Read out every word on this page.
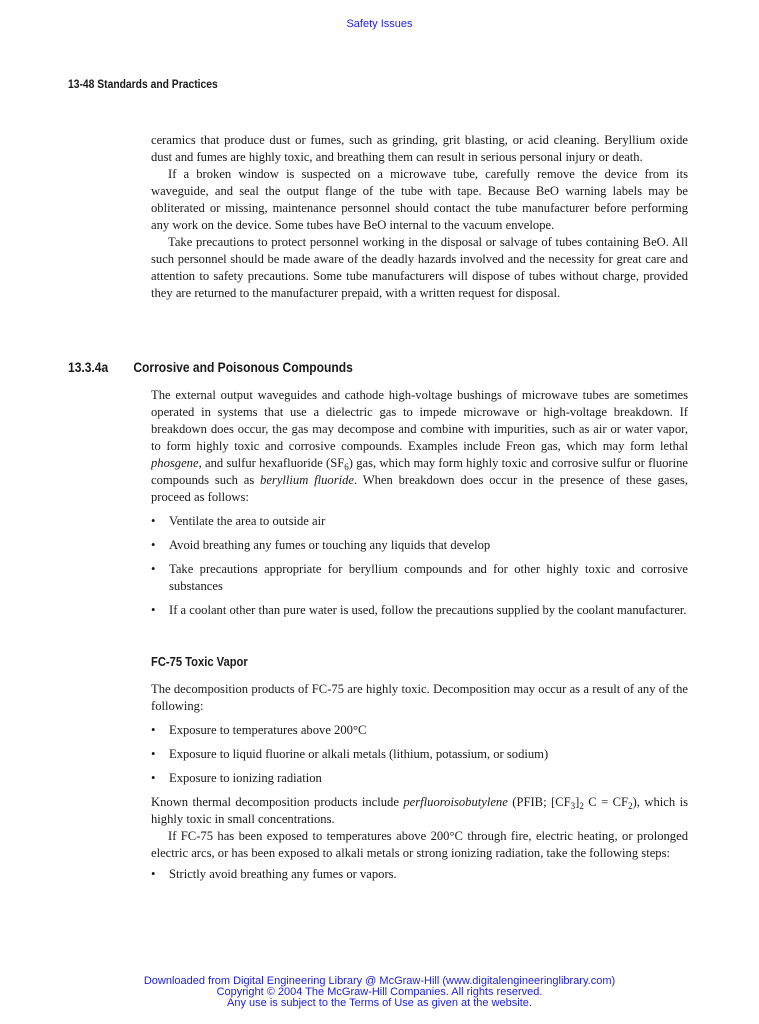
Safety Issues
13-48 Standards and Practices

ceramics that produce dust or fumes, such as grinding, grit blasting, or acid cleaning. Beryllium oxide dust and fumes are highly toxic, and breathing them can result in serious personal injury or death.

If a broken window is suspected on a microwave tube, carefully remove the device from its waveguide, and seal the output flange of the tube with tape. Because BeO warning labels may be obliterated or missing, maintenance personnel should contact the tube manufacturer before performing any work on the device. Some tubes have BeO internal to the vacuum envelope.

Take precautions to protect personnel working in the disposal or salvage of tubes containing BeO. All such personnel should be made aware of the deadly hazards involved and the necessity for great care and attention to safety precautions. Some tube manufacturers will dispose of tubes without charge, provided they are returned to the manufacturer prepaid, with a written request for disposal.

13.3.4a Corrosive and Poisonous Compounds

The external output waveguides and cathode high-voltage bushings of microwave tubes are sometimes operated in systems that use a dielectric gas to impede microwave or high-voltage breakdown. If breakdown does occur, the gas may decompose and combine with impurities, such as air or water vapor, to form highly toxic and corrosive compounds. Examples include Freon gas, which may form lethal phosgene, and sulfur hexafluoride $(SF_6)$ gas, which may form highly toxic and corrosive sulfur or fluorine compounds such as beryllium fluoride. When breakdown does occur in the presence of these gases, proceed as follows:

• Ventilate the area to outside air
• Avoid breathing any fumes or touching any liquids that develop
• Take precautions appropriate for beryllium compounds and for other highly toxic and corrosive substances
• If a coolant other than pure water is used, follow the precautions supplied by the coolant manufacturer.
FC-75 Toxic Vapor

The decomposition products of FC-75 are highly toxic. Decomposition may occur as a result of any of the following:

• Exposure to temperatures above 200°C
• Exposure to liquid fluorine or alkali metals (lithium, potassium, or sodium)
• Exposure to ionizing radiation

Known thermal decomposition products include perfluoroisobutylene (PFIB; $[CF_3]_2$ $C = CF_2$), which is highly toxic in small concentrations.

If FC-75 has been exposed to temperatures above 200°C through fire, electric heating, or prolonged electric arcs, or has been exposed to alkali metals or strong ionizing radiation, take the following steps:

• Strictly avoid breathing any fumes or vapors.
Downloaded from Digital Engineering Library @ McGraw-Hill (www.digitalengineeringlibrary.com)
Copyright © 2004 The McGraw-Hill Companies. All rights reserved.
Any use is subject to the Terms of Use as given at the website.
